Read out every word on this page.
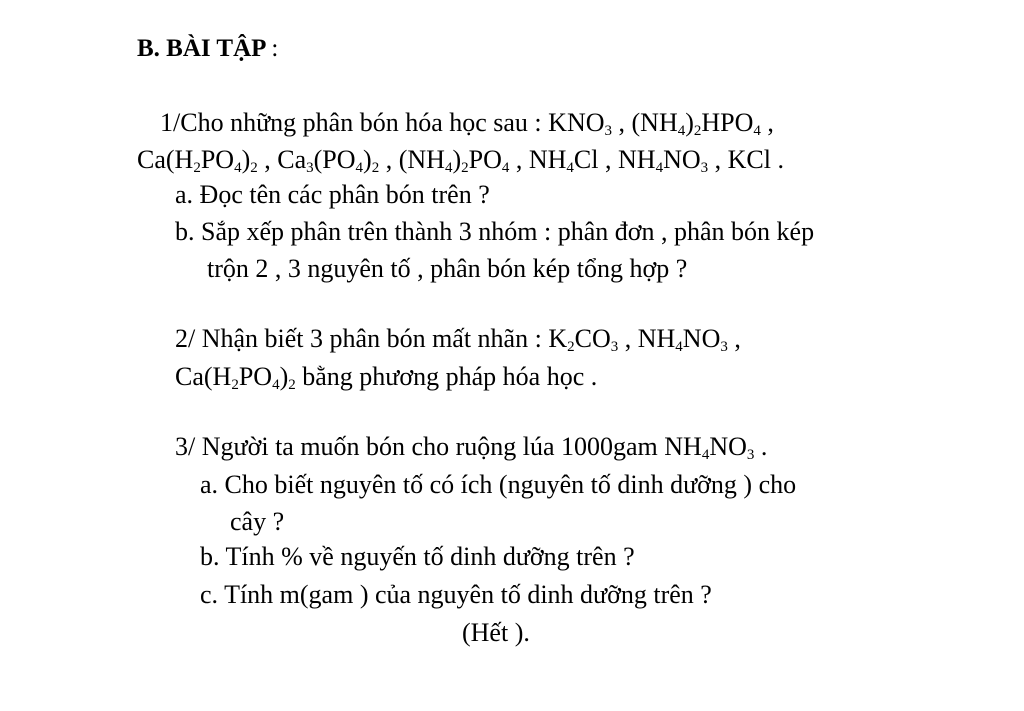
B. BÀI TẬP :
1/Cho những phân bón hóa học sau : $KNO_3$ , $(NH_4)_2HPO_4$ ,
$Ca(H_2PO_4)_2$ , $Ca_3(PO_4)_2$ , $(NH_4)_2PO_4$ , $NH_4Cl$ , $NH_4NO_3$ , KCl .
a. Đọc tên các phân bón trên ?
b. Sắp xếp phân trên thành 3 nhóm : phân đơn , phân bón kép
trộn 2 , 3 nguyên tố , phân bón kép tổng hợp ?
2/ Nhận biết 3 phân bón mất nhãn : $K_2CO_3$ , $NH_4NO_3$ ,
$Ca(H_2PO_4)_2$ bằng phương pháp hóa học .
3/ Người ta muốn bón cho ruộng lúa 1000gam $NH_4NO_3$ .
a. Cho biết nguyên tố có ích (nguyên tố dinh dưỡng ) cho
cây ?
b. Tính % về nguyến tố dinh dưỡng trên ?
c. Tính m(gam ) của nguyên tố dinh dưỡng trên ?
(Hết ).
